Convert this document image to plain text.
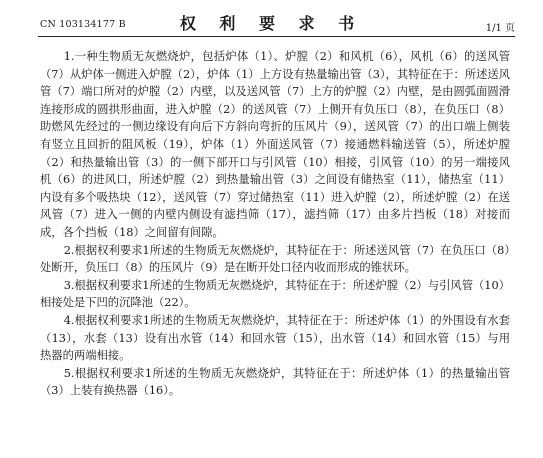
CN 103134177 B	权 利 要 求 书	1/1 页

1.一种生物质无灰燃烧炉，包括炉体（1）、炉膛（2）和风机（6），风机（6）的送风管（7）从炉体一侧进入炉膛（2），炉体（1）上方设有热量输出管（3），其特征在于：所述送风管（7）端口所对的炉膛（2）内壁，以及送风管（7）上方的炉膛（2）内壁，是由圆弧面圆滑连接形成的圆拱形曲面，进入炉膛（2）的送风管（7）上侧开有负压口（8），在负压口（8）助燃风先经过的一侧边缘设有向后下方斜向弯折的压风片（9），送风管（7）的出口端上侧装有竖立且回折的阻风板（19），炉体（1）外面送风管（7）接通燃料输送管（5），所述炉膛（2）和热量输出管（3）的一侧下部开口与引风管（10）相接，引风管（10）的另一端接风机（6）的进风口，所述炉膛（2）到热量输出管（3）之间设有储热室（11），储热室（11）内设有多个吸热块（12），送风管（7）穿过储热室（11）进入炉膛（2），所述炉膛（2）在送风管（7）进入一侧的内壁内侧设有滤挡筛（17），滤挡筛（17）由多片挡板（18）对接而成，各个挡板（18）之间留有间隙。

2.根据权利要求1所述的生物质无灰燃烧炉，其特征在于：所述送风管（7）在负压口（8）处断开，负压口（8）的压风片（9）是在断开处口径内收而形成的锥状环。

3.根据权利要求1所述的生物质无灰燃烧炉，其特征在于：所述炉膛（2）与引风管（10）相接处是下凹的沉降池（22）。

4.根据权利要求1所述的生物质无灰燃烧炉，其特征在于：所述炉体（1）的外围设有水套（13），水套（13）设有出水管（14）和回水管（15），出水管（14）和回水管（15）与用热器的两端相接。

5.根据权利要求1所述的生物质无灰燃烧炉，其特征在于：所述炉体（1）的热量输出管（3）上装有换热器（16）。
